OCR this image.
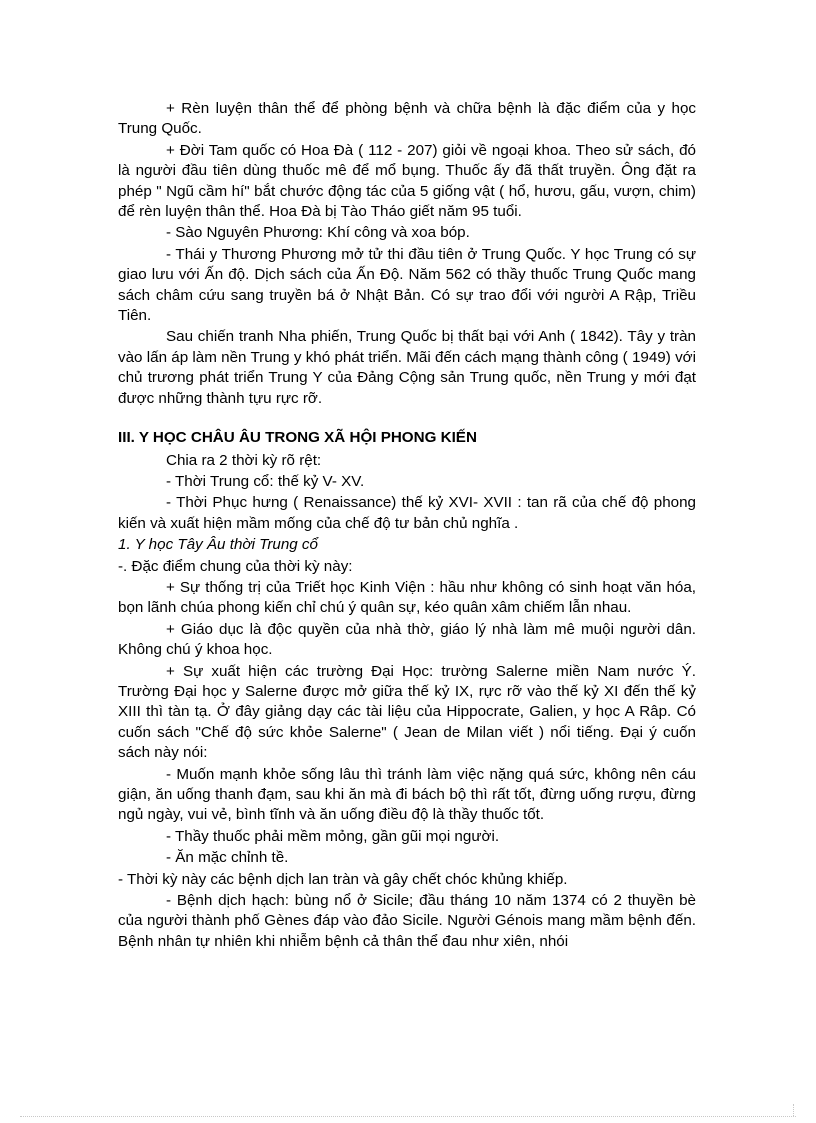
+ Rèn luyện thân thể để phòng bệnh và chữa bệnh là đặc điểm của y học Trung Quốc.

+ Đời Tam quốc có Hoa Đà ( 112 - 207) giỏi về ngoại khoa. Theo sử sách, đó là người đầu tiên dùng thuốc mê để mổ bụng. Thuốc ấy đã thất truyền. Ông đặt ra phép " Ngũ cầm hí" bắt chước động tác của 5 giống vật ( hổ, hươu, gấu, vượn, chim) để rèn luyện thân thể. Hoa Đà bị Tào Tháo giết năm 95 tuổi.

- Sào Nguyên Phương: Khí công và xoa bóp.

- Thái y Thương Phương mở tử thi đầu tiên ở Trung Quốc. Y học Trung có sự giao lưu với Ấn độ. Dịch sách của Ấn Độ. Năm 562 có thầy thuốc Trung Quốc mang sách châm cứu sang truyền bá ở Nhật Bản. Có sự trao đổi với người A Rập, Triều Tiên.

Sau chiến tranh Nha phiến, Trung Quốc bị thất bại với Anh ( 1842). Tây y tràn vào lấn áp làm nền Trung y khó phát triển. Mãi đến cách mạng thành công ( 1949) với chủ trương phát triển Trung Y của Đảng Cộng sản Trung quốc, nền Trung y mới đạt được những thành tựu rực rỡ.

III. Y HỌC CHÂU ÂU TRONG XÃ HỘI PHONG KIẾN

Chia ra 2 thời kỳ rõ rệt:

- Thời Trung cổ: thế kỷ V- XV.

- Thời Phục hưng ( Renaissance) thế kỷ XVI- XVII : tan rã của chế độ phong kiến và xuất hiện mầm mống của chế độ tư bản chủ nghĩa .

1. Y học Tây Âu thời Trung cổ

-. Đặc điểm chung của thời kỳ này:

+ Sự thống trị của Triết học Kinh Viện : hầu như không có sinh hoạt văn hóa, bọn lãnh chúa phong kiến chỉ chú ý quân sự, kéo quân xâm chiếm lẫn nhau.

+ Giáo dục là độc quyền của nhà thờ, giáo lý nhà làm mê muội người dân. Không chú ý khoa học.

+ Sự xuất hiện các trường Đại Học: trường Salerne miền Nam nước Ý. Trường Đại học y Salerne được mở giữa thế kỷ IX, rực rỡ vào thế kỷ XI đến thế kỷ XIII thì tàn tạ. Ở đây giảng dạy các tài liệu của Hippocrate, Galien, y học A Râp. Có cuốn sách "Chế độ sức khỏe Salerne" ( Jean de Milan viết ) nổi tiếng. Đại ý cuốn sách này nói:

- Muốn mạnh khỏe sống lâu thì tránh làm việc nặng quá sức, không nên cáu giận, ăn uống thanh đạm, sau khi ăn mà đi bách bộ thì rất tốt, đừng uống rượu, đừng ngủ ngày, vui vẻ, bình tĩnh và ăn uống điều độ là thầy thuốc tốt.

- Thầy thuốc phải mềm mỏng, gần gũi mọi người.

- Ăn mặc chỉnh tề.

- Thời kỳ này các bệnh dịch lan tràn và gây chết chóc khủng khiếp.

- Bệnh dịch hạch: bùng nổ ở Sicile; đầu tháng 10 năm 1374 có 2 thuyền bè của người thành phố Gènes đáp vào đảo Sicile. Người Génois mang mầm bệnh đến. Bệnh nhân tự nhiên khi nhiễm bệnh cả thân thể đau như xiên, nhói
